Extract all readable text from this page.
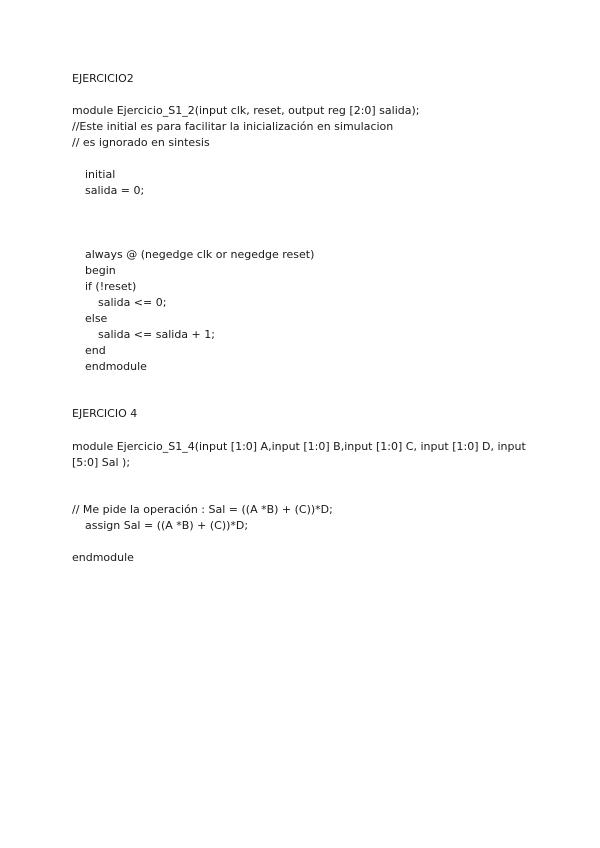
EJERCICIO2
module Ejercicio_S1_2(input clk, reset, output reg [2:0] salida);
//Este initial es para facilitar la inicialización en simulacion
// es ignorado en sintesis
initial
salida = 0;
always @ (negedge clk or negedge reset)
begin
if (!reset)
salida <= 0;
else
salida <= salida + 1;
end
endmodule
EJERCICIO 4
module Ejercicio_S1_4(input [1:0] A,input [1:0] B,input [1:0] C, input [1:0] D, input
[5:0] Sal );
// Me pide la operación : Sal = ((A *B) + (C))*D;
assign Sal = ((A *B) + (C))*D;
endmodule
